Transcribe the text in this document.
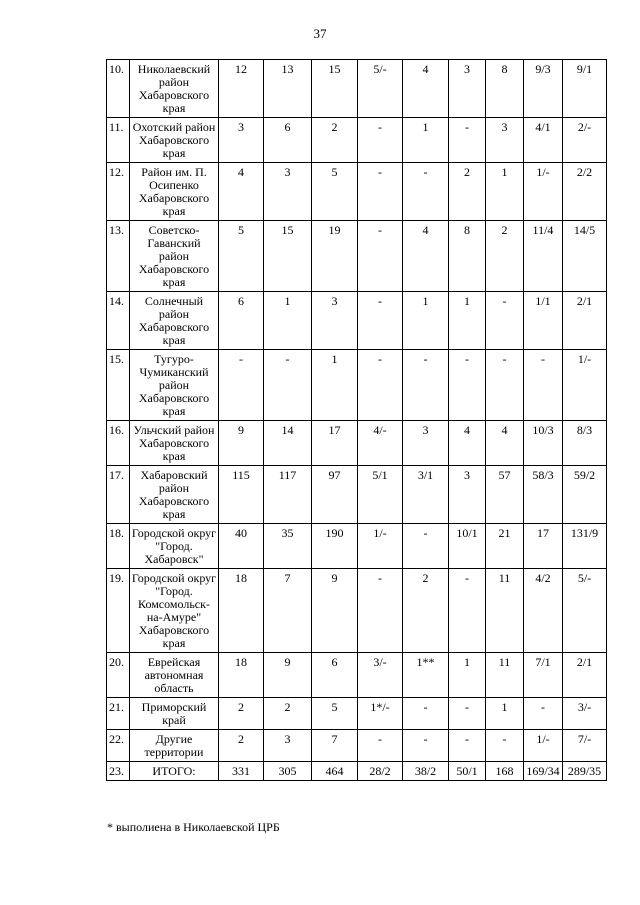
37
10.	Николаевский район Хабаровского края	12	13	15	5/-	4	3	8	9/3	9/1
11.	Охотский район Хабаровского края	3	6	2	-	1	-	3	4/1	2/-
12.	Район им. П. Осипенко Хабаровского края	4	3	5	-	-	2	1	1/-	2/2
13.	Советско-Гаванский район Хабаровского края	5	15	19	-	4	8	2	11/4	14/5
14.	Солнечный район Хабаровского края	6	1	3	-	1	1	-	1/1	2/1
15.	Тугуро-Чумиканский район Хабаровского края	-	-	1	-	-	-	-	-	1/-
16.	Ульчский район Хабаровского края	9	14	17	4/-	3	4	4	10/3	8/3
17.	Хабаровский район Хабаровского края	115	117	97	5/1	3/1	3	57	58/3	59/2
18.	Городской округ "Город. Хабаровск"	40	35	190	1/-	-	10/1	21	17	131/9
19.	Городской округ "Город. Комсомольск-на-Амуре" Хабаровского края	18	7	9	-	2	-	11	4/2	5/-
20.	Еврейская автономная область	18	9	6	3/-	1**	1	11	7/1	2/1
21.	Приморский край	2	2	5	1*/-	-	-	1	-	3/-
22.	Другие территории	2	3	7	-	-	-	-	1/-	7/-
23.	ИТОГО:	331	305	464	28/2	38/2	50/1	168	169/34	289/35
* выполиена в Николаевской ЦРБ
